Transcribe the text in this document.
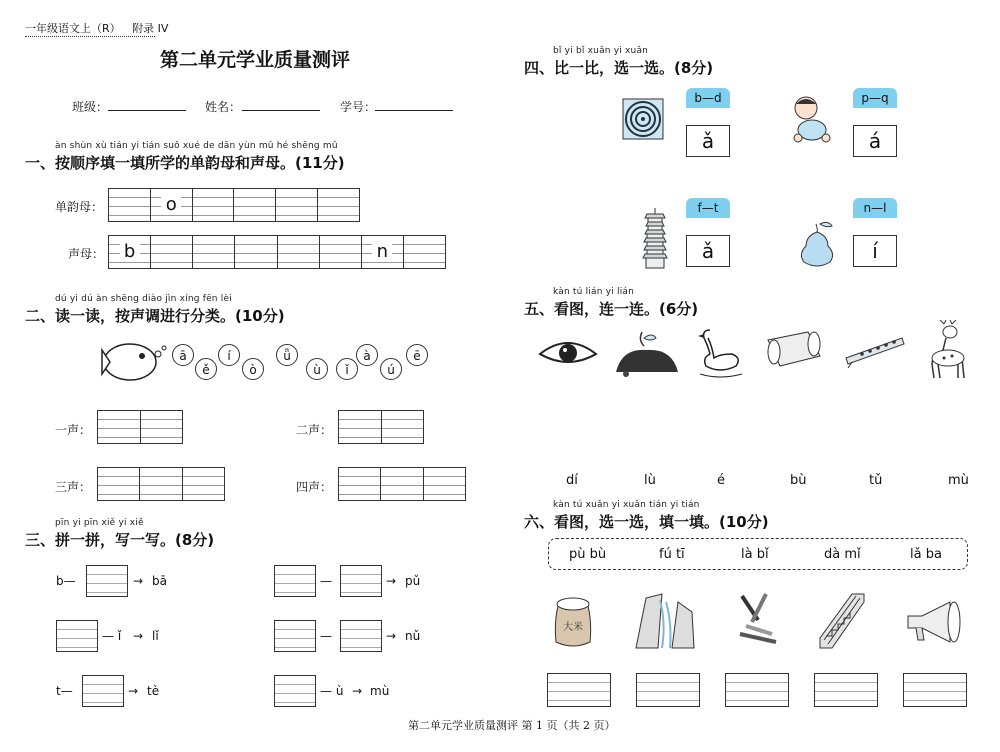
一年级语文上（R） 附录 IV
第二单元学业质量测评
班级：	姓名：	学号：
àn shùn xù tián yi tián suǒ xué de dān yùn mǔ hé shēng mǔ
一、按顺序填一填所学的单韵母和声母。(11分)
单韵母：	o
声母： b	n
dú yi dú àn shēng diào jìn xíng fēn lèi
二、读一读，按声调进行分类。(10分)
ā
ě
í
ò
ǖ
ù	ǐ
à
ú
ē
一声：	二声：
三声：	四声：
pīn yi pīn xiě yi xiě
三、拼一拼，写一写。(8分)
b—	→ bā	—	→ pǔ
— ǐ → lǐ	—	→ nǔ
t—	→ tè	— ù → mù
bǐ yi bǐ xuǎn yi xuǎn
四、比一比，选一选。(8分)
b—d
ǎ
p—q
á
f—t
ǎ
n—l
í
kàn tú lián yi lián
五、看图，连一连。(6分)
dí	lù	é	bù	tǔ	mù
kàn tú xuǎn yi xuǎn tián yi tián
六、看图，选一选，填一填。(10分)
pù bù	fú tī	là bǐ	dà mǐ	lǎ ba
大米
第二单元学业质量测评 第 1 页（共 2 页）
